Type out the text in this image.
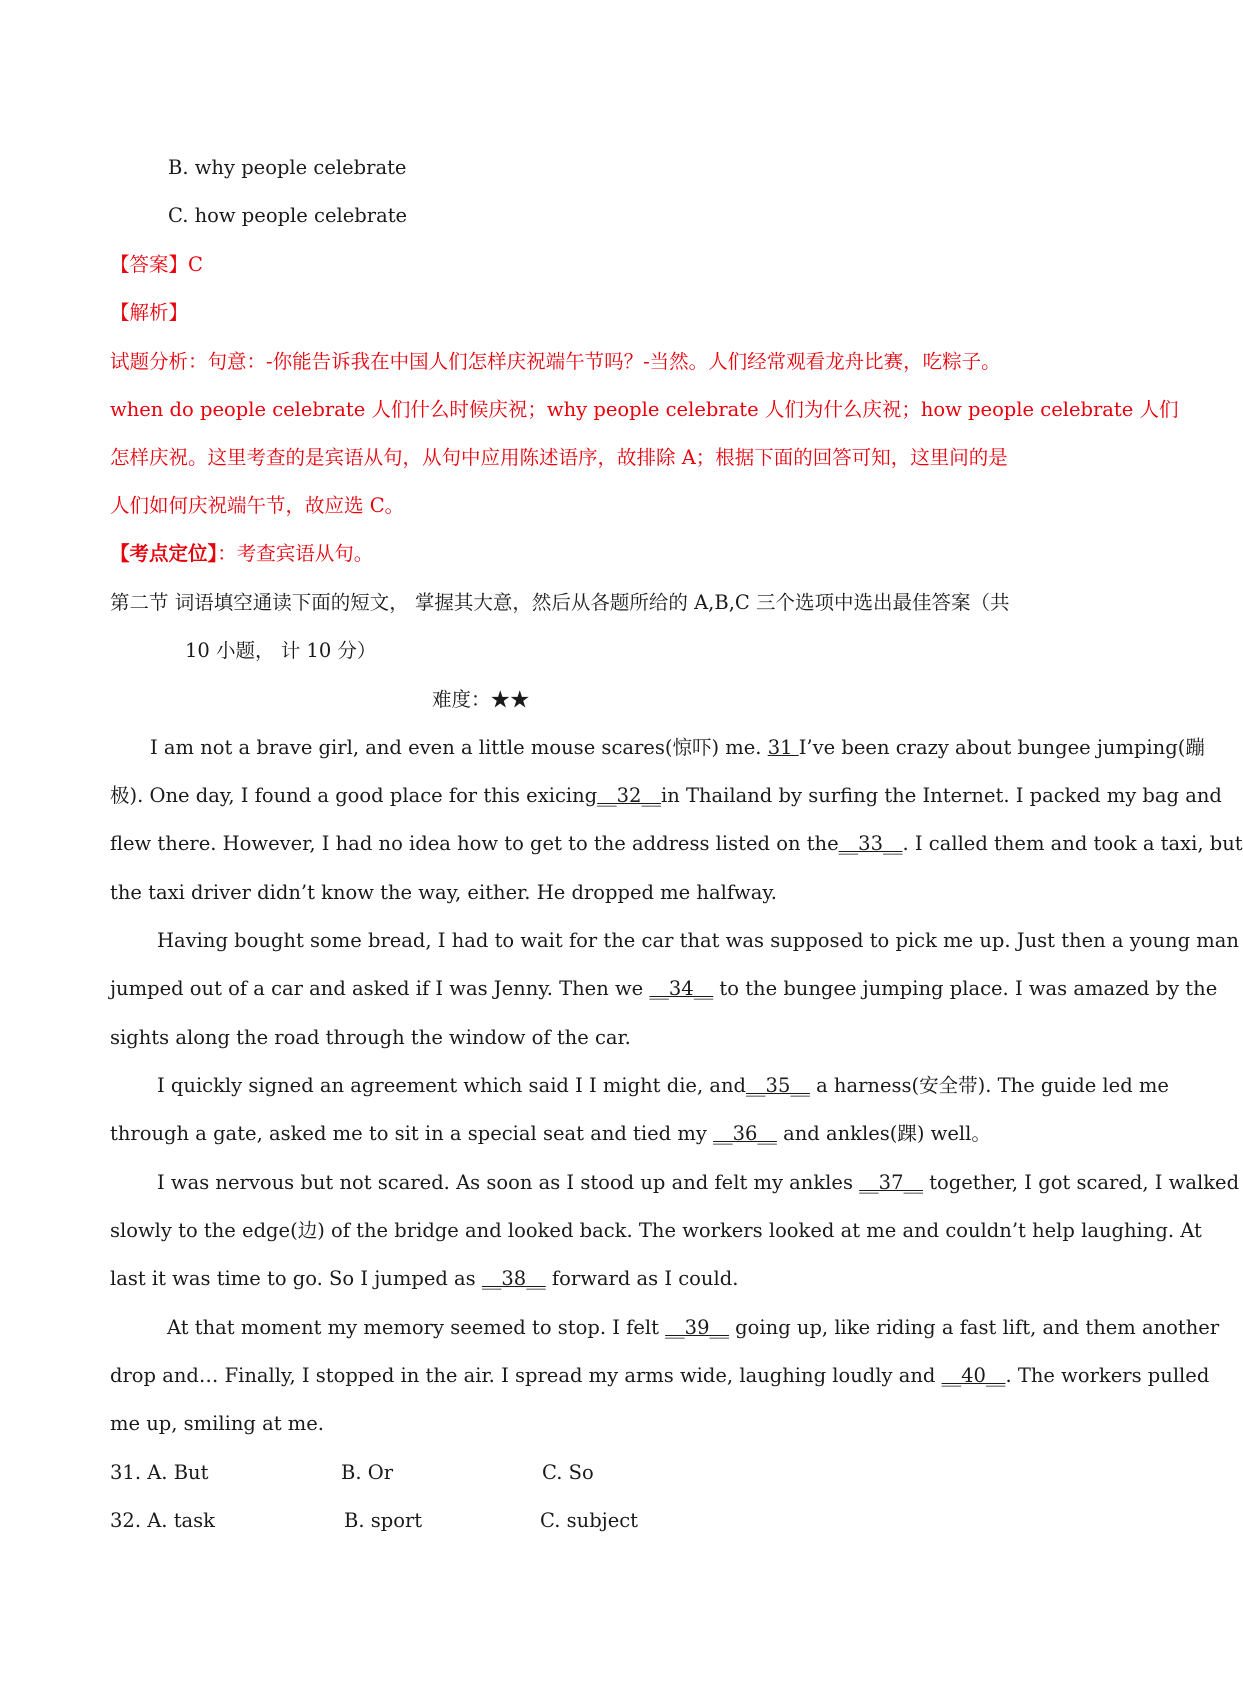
B. why people celebrate
C. how people celebrate
【答案】C
【解析】
试题分析：句意：-你能告诉我在中国人们怎样庆祝端午节吗？-当然。人们经常观看龙舟比赛，吃粽子。
when do people celebrate 人们什么时候庆祝；why people celebrate 人们为什么庆祝；how people celebrate 人们
怎样庆祝。这里考查的是宾语从句，从句中应用陈述语序，故排除 A；根据下面的回答可知，这里问的是
人们如何庆祝端午节，故应选 C。
【考点定位】：考查宾语从句。
第二节 词语填空通读下面的短文， 掌握其大意，然后从各题所给的 A,B,C 三个选项中选出最佳答案（共
10 小题， 计 10 分）
难度：★★
I am not a brave girl, and even a little mouse scares(惊吓) me. 31 I’ve been crazy about bungee jumping(蹦
极). One day, I found a good place for this exicing__32__in Thailand by surfing the Internet. I packed my bag and
flew there. However, I had no idea how to get to the address listed on the__33__. I called them and took a taxi, but
the taxi driver didn’t know the way, either. He dropped me halfway.
Having bought some bread, I had to wait for the car that was supposed to pick me up. Just then a young man
jumped out of a car and asked if I was Jenny. Then we __34__ to the bungee jumping place. I was amazed by the
sights along the road through the window of the car.
I quickly signed an agreement which said I I might die, and__35__ a harness(安全带). The guide led me
through a gate, asked me to sit in a special seat and tied my __36__ and ankles(踝) well。
I was nervous but not scared. As soon as I stood up and felt my ankles __37__ together, I got scared, I walked
slowly to the edge(边) of the bridge and looked back. The workers looked at me and couldn’t help laughing. At
last it was time to go. So I jumped as __38__ forward as I could.
At that moment my memory seemed to stop. I felt __39__ going up, like riding a fast lift, and them another
drop and… Finally, I stopped in the air. I spread my arms wide, laughing loudly and __40__. The workers pulled
me up, smiling at me.
31. A. But	B. Or	C. So
32. A. task	B. sport	C. subject
